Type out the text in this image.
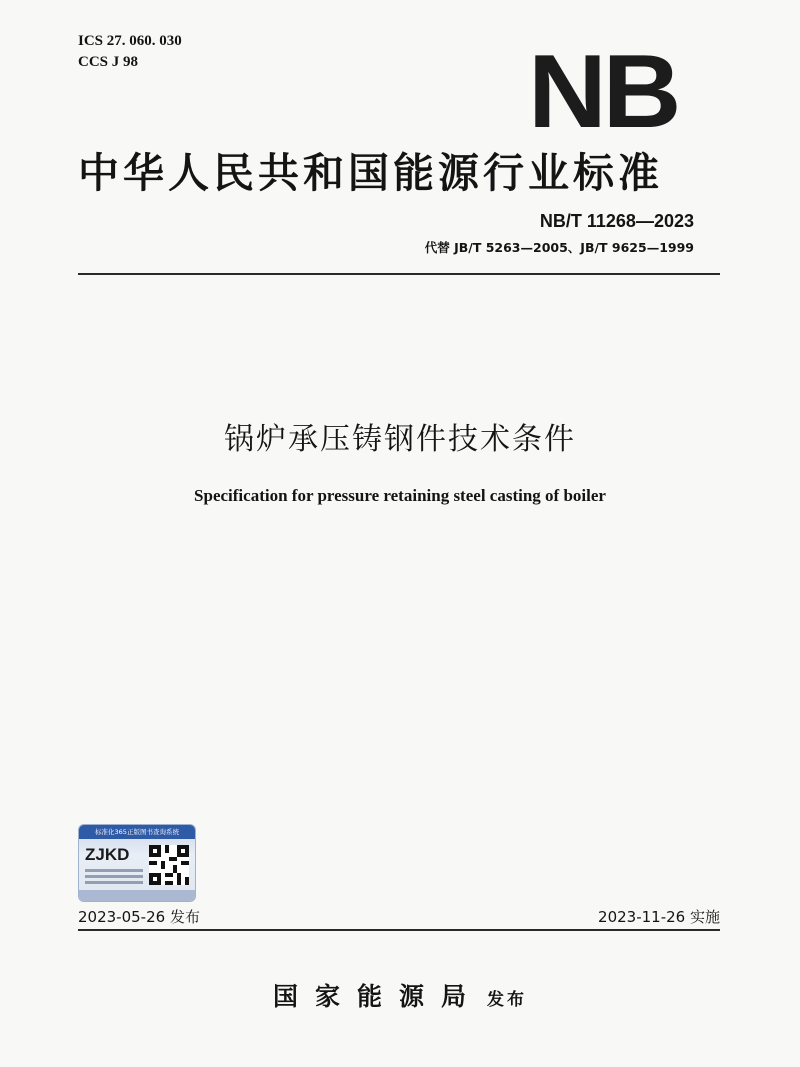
ICS 27. 060. 030
CCS J 98	NB
中华人民共和国能源行业标准
NB/T 11268—2023
代替 JB/T 5263—2005、JB/T 9625—1999
锅炉承压铸钢件技术条件
Specification for pressure retaining steel casting of boiler
标准化365正版图书查询系统
ZJKD
2023-05-26 发布	2023-11-26 实施
国家能源局 发布
